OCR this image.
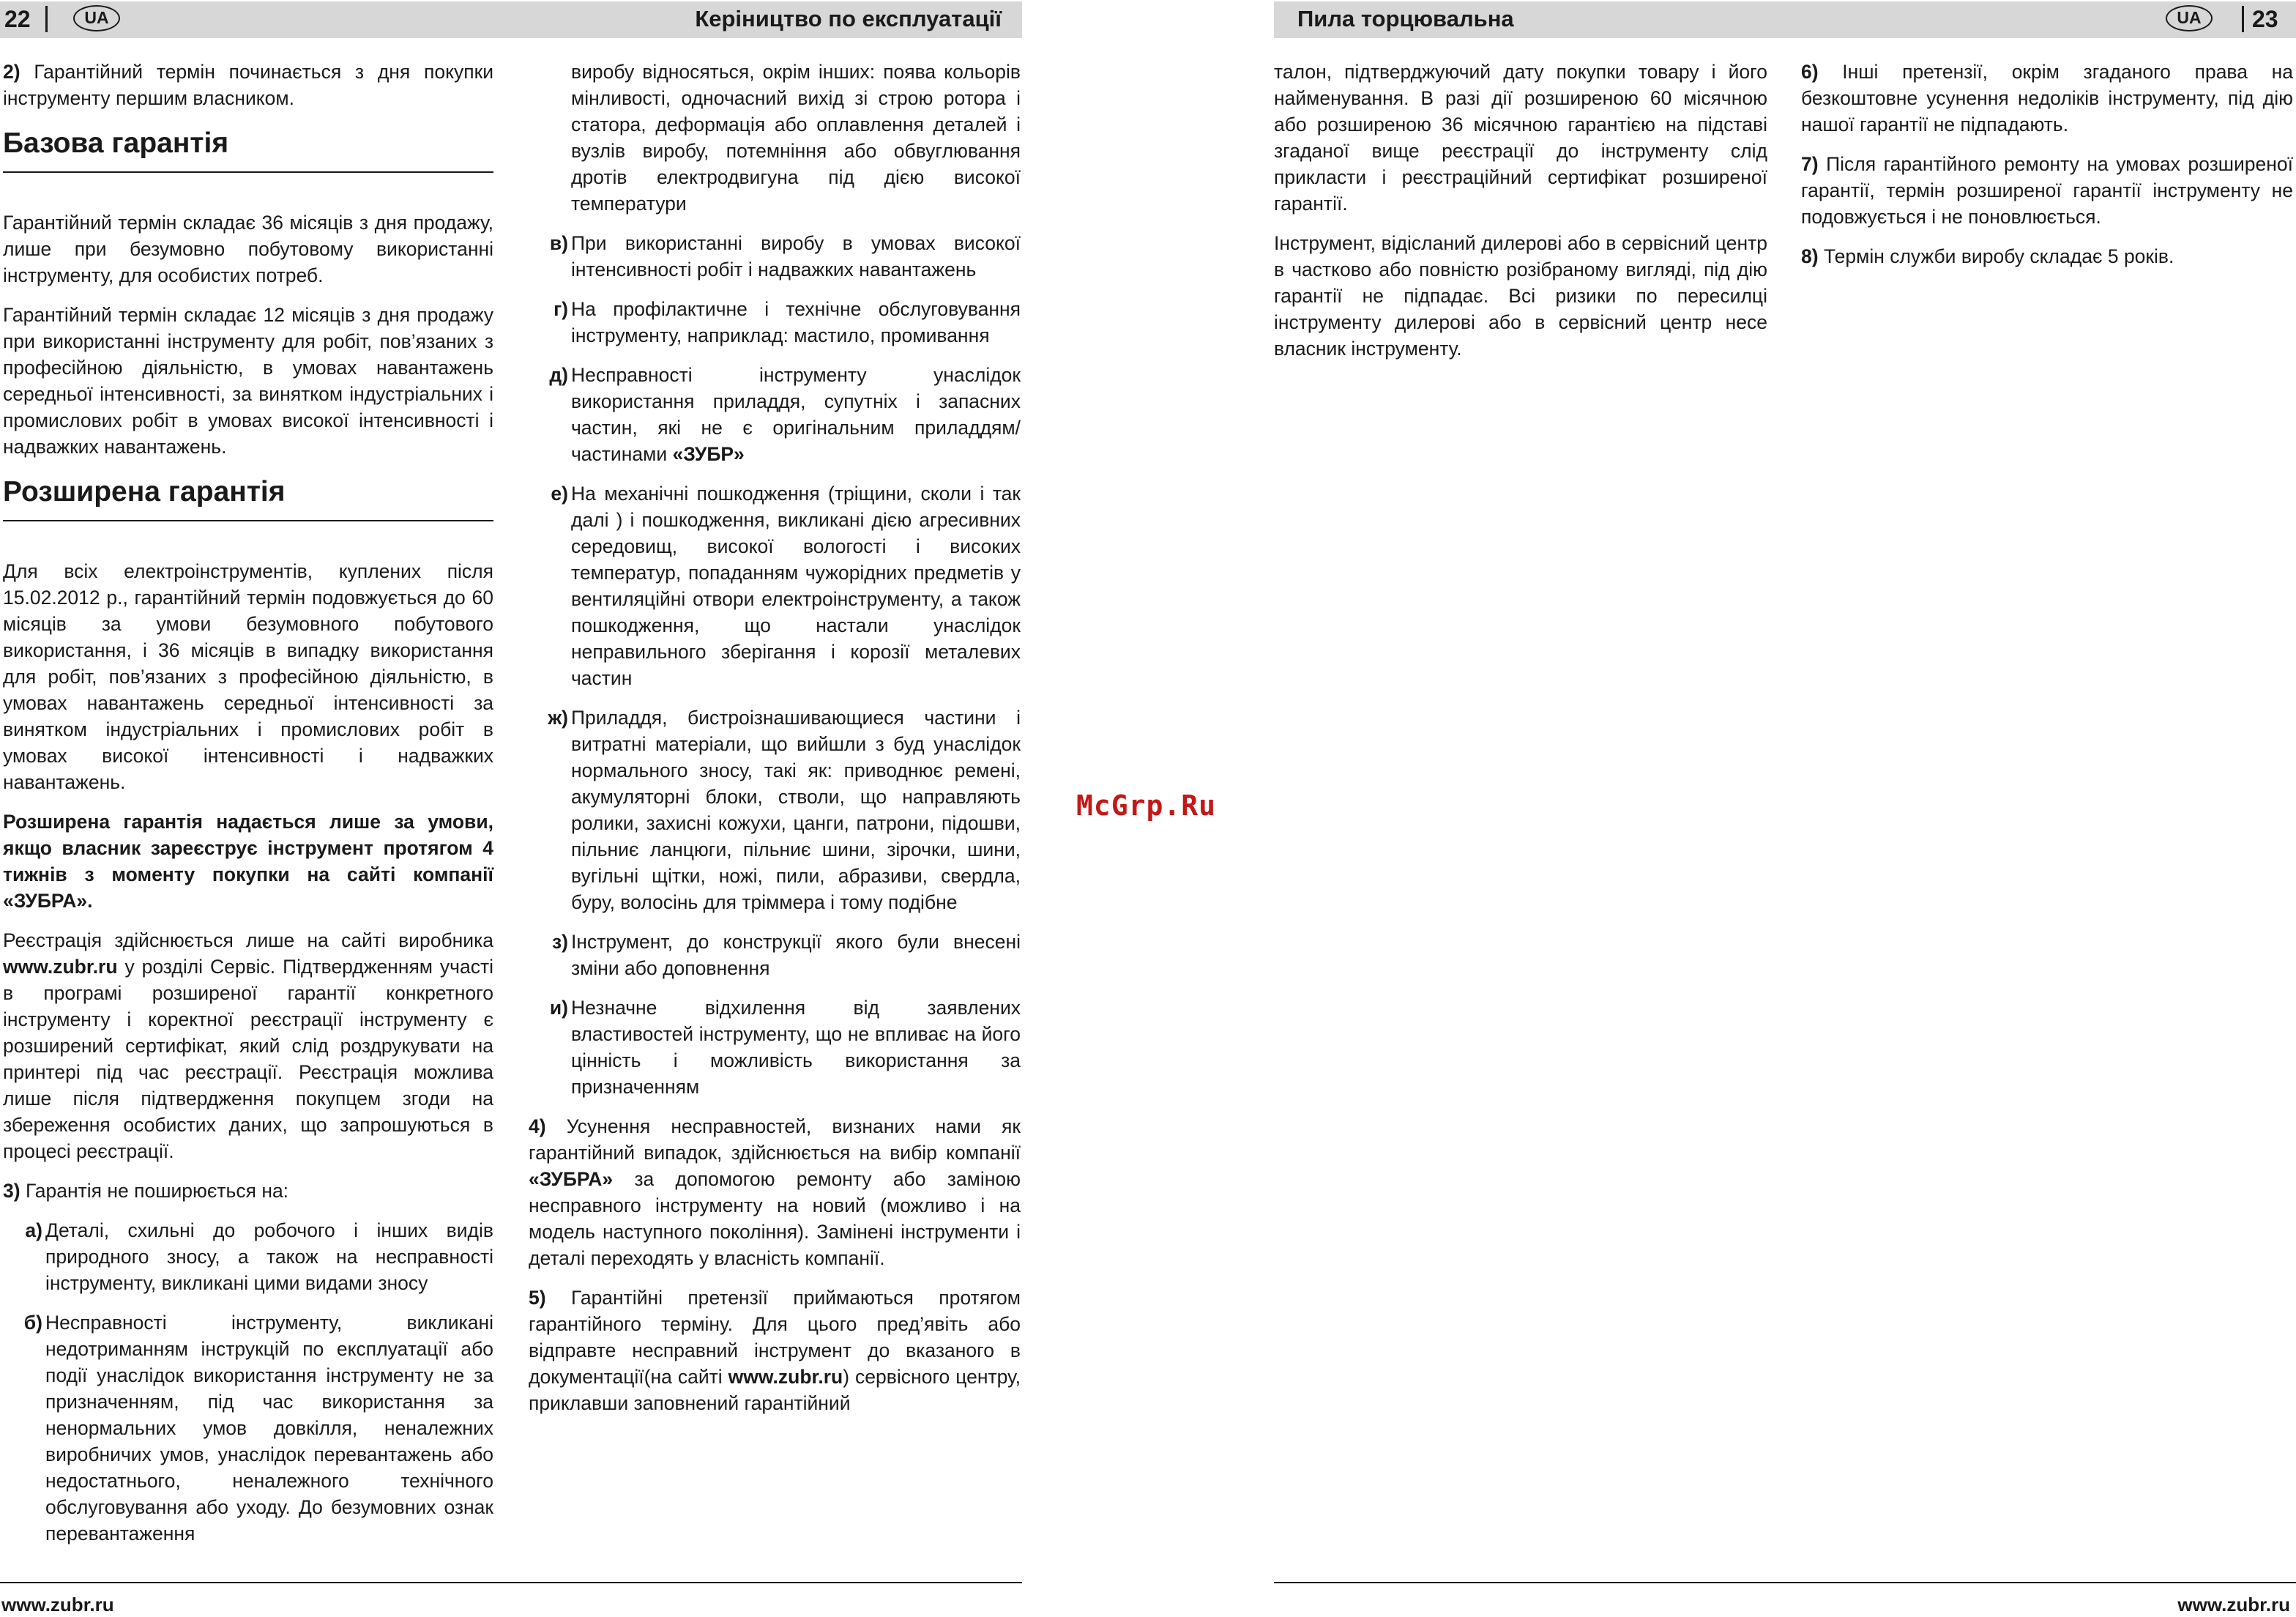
22	UA	Керіництво по експлуатації	Пила торцювальна	UA	23

2) Гарантійний термін починається з дня покупки інструменту першим власником.

Базова гарантія

Гарантійний термін складає 36 місяців з дня продажу, лише при безумовно побутовому використанні інструменту, для особистих потреб.

Гарантійний термін складає 12 місяців з дня продажу при використанні інструменту для робіт, пов’язаних з професійною діяльністю, в умовах навантажень середньої інтенсивності, за винятком індустріальних і промислових робіт в умовах високої інтенсивності і надважких навантажень.

Розширена гарантія

Для всіх електроінструментів, куплених після 15.02.2012 р., гарантійний термін подовжується до 60 місяців за умови безумовного побутового використання, і 36 місяців в випадку використання для робіт, пов’язаних з професійною діяльністю, в умовах навантажень середньої інтенсивності за винятком індустріальних і промислових робіт в умовах високої інтенсивності і надважких навантажень.

Розширена гарантія надається лише за умови, якщо власник зареєструє інструмент протягом 4 тижнів з моменту покупки на сайті компанії «ЗУБРА».

Реєстрація здійснюється лише на сайті виробника www.zubr.ru у розділі Сервіс. Підтвердженням участі в програмі розширеної гарантії конкретного інструменту і коректної реєстрації інструменту є розширений сертифікат, який слід роздрукувати на принтері під час реєстрації. Реєстрація можлива лише після підтвердження покупцем згоди на збереження особистих даних, що запрошуються в процесі реєстрації.

3) Гарантія не поширюється на:

а) Деталі, схильні до робочого і інших видів природного зносу, а також на несправності інструменту, викликані цими видами зносу
б) Несправності інструменту, викликані недотриманням інструкцій по експлуатації або події унаслідок використання інструменту не за призначенням, під час використання за ненормальних умов довкілля, неналежних виробничих умов, унаслідок перевантажень або недостатнього, неналежного технічного обслуговування або уходу. До безумовних ознак перевантаження
виробу відносяться, окрім інших: поява кольорів мінливості, одночасний вихід зі строю ротора і статора, деформація або оплавлення деталей і вузлів виробу, потемніння або обвуглювання дротів електродвигуна під дією високої температури
в) При використанні виробу в умовах високої інтенсивності робіт і надважких навантажень
г) На профілактичне і технічне обслуговування інструменту, наприклад: мастило, промивання
д) Несправності інструменту унаслідок використання приладдя, супутніх і запасних частин, які не є оригінальним приладдям/ частинами «ЗУБР»
е) На механічні пошкодження (тріщини, сколи і так далі ) і пошкодження, викликані дією агресивних середовищ, високої вологості і високих температур, попаданням чужорідних предметів у вентиляційні отвори електроінструменту, а також пошкодження, що настали унаслідок неправильного зберігання і корозії металевих частин
ж) Приладдя, бистроізнашивающиеся частини і витратні матеріали, що вийшли з буд унаслідок нормального зносу, такі як: приводнює ремені, акумуляторні блоки, стволи, що направляють ролики, захисні кожухи, цанги, патрони, підошви, пільниє ланцюги, пільниє шини, зірочки, шини, вугільні щітки, ножі, пили, абразиви, свердла, буру, волосінь для тріммера і тому подібне
з) Інструмент, до конструкції якого були внесені зміни або доповнення
и) Незначне відхилення від заявлених властивостей інструменту, що не впливає на його цінність і можливість використання за призначенням

4) Усунення несправностей, визнаних нами як гарантійний випадок, здійснюється на вибір компанії «ЗУБРА» за допомогою ремонту або заміною несправного інструменту на новий (можливо і на модель наступного покоління). Замінені інструменти і деталі переходять у власність компанії.

5) Гарантійні претензії приймаються протягом гарантійного терміну. Для цього пред’явіть або відправте несправний інструмент до вказаного в документації(на сайті www.zubr.ru) сервісного центру, приклавши заповнений гарантійний

McGrp.Ru

талон, підтверджуючий дату покупки товару і його найменування. В разі дії розширеною 60 місячною або розширеною 36 місячною гарантією на підставі згаданої вище реєстрації до інструменту слід прикласти і реєстраційний сертифікат розширеної гарантії.

Інструмент, відісланий дилерові або в сервісний центр в частково або повністю розібраному вигляді, під дію гарантії не підпадає. Всі ризики по пересилці інструменту дилерові або в сервісний центр несе власник інструменту.

6) Інші претензії, окрім згаданого права на безкоштовне усунення недоліків інструменту, під дію нашої гарантії не підпадають.

7) Після гарантійного ремонту на умовах розширеної гарантії, термін розширеної гарантії інструменту не подовжується і не поновлюється.

8) Термін служби виробу складає 5 років.

www.zubr.ru	www.zubr.ru
